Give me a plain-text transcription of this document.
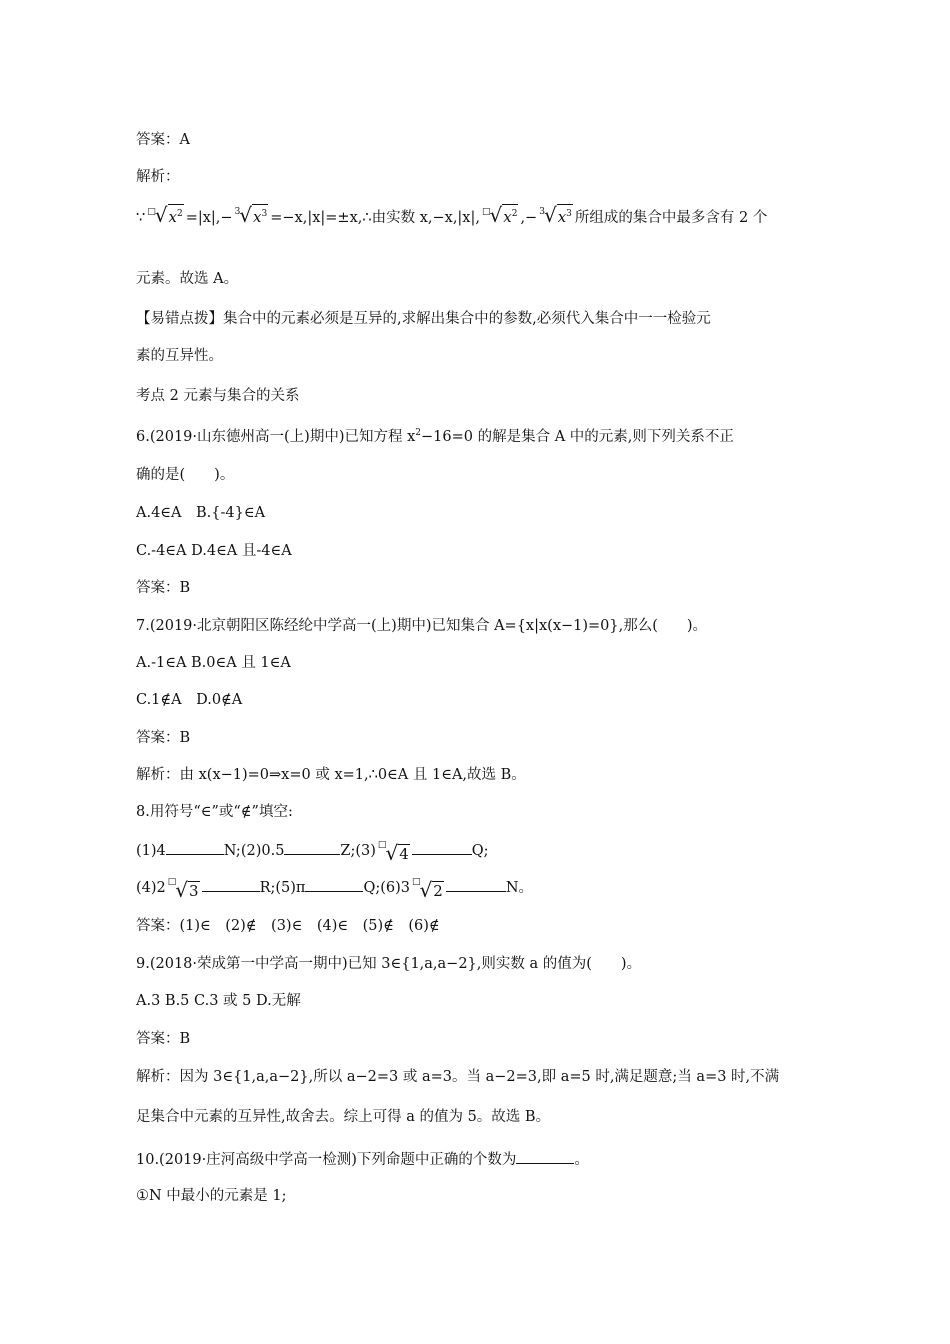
答案：A
解析：
∵ $□√x^2 =|x|,- 3√x^3$ =−x,|x|=±x,∴由实数 x,−x,|x|, $□√x^2$ ,− $3√x^3$ 所组成的集合中最多含有 2 个
元素。故选 A。
【易错点拨】集合中的元素必须是互异的,求解出集合中的参数,必须代入集合中一一检验元
素的互异性。
考点 2 元素与集合的关系
6.(2019·山东德州高一(上)期中)已知方程 $x^2-16=0$ 的解是集合 A 中的元素,则下列关系不正
确的是(　　)。
A.4∈A　B.{-4}∈A
C.-4∈A D.4∈A 且-4∈A
答案：B
7.(2019·北京朝阳区陈经纶中学高一(上)期中)已知集合 A={x|x(x−1)=0},那么(　　)。
A.-1∈A B.0∈A 且 1∈A
C.1∉A　D.0∉A
答案：B
解析：由 x(x−1)=0⇒x=0 或 x=1,∴0∈A 且 1∈A,故选 B。
8.用符号“∈”或“∉”填空:
(1)4	N;(2)0.5	Z;(3) □ √ 4	Q;
(4)2 □ √ 3	R;(5)π	Q;(6)3 □ √ 2	N。
答案：(1)∈　(2)∉　(3)∈　(4)∈　(5)∉　(6)∉
9.(2018·荣成第一中学高一期中)已知 3∈{1,a,a−2},则实数 a 的值为(　　)。
A.3 B.5 C.3 或 5 D.无解
答案：B
解析：因为 3∈{1,a,a−2},所以 a−2=3 或 a=3。当 a−2=3,即 a=5 时,满足题意;当 a=3 时,不满
足集合中元素的互异性,故舍去。综上可得 a 的值为 5。故选 B。
10.(2019·庄河高级中学高一检测)下列命题中正确的个数为	。
①N 中最小的元素是 1;
